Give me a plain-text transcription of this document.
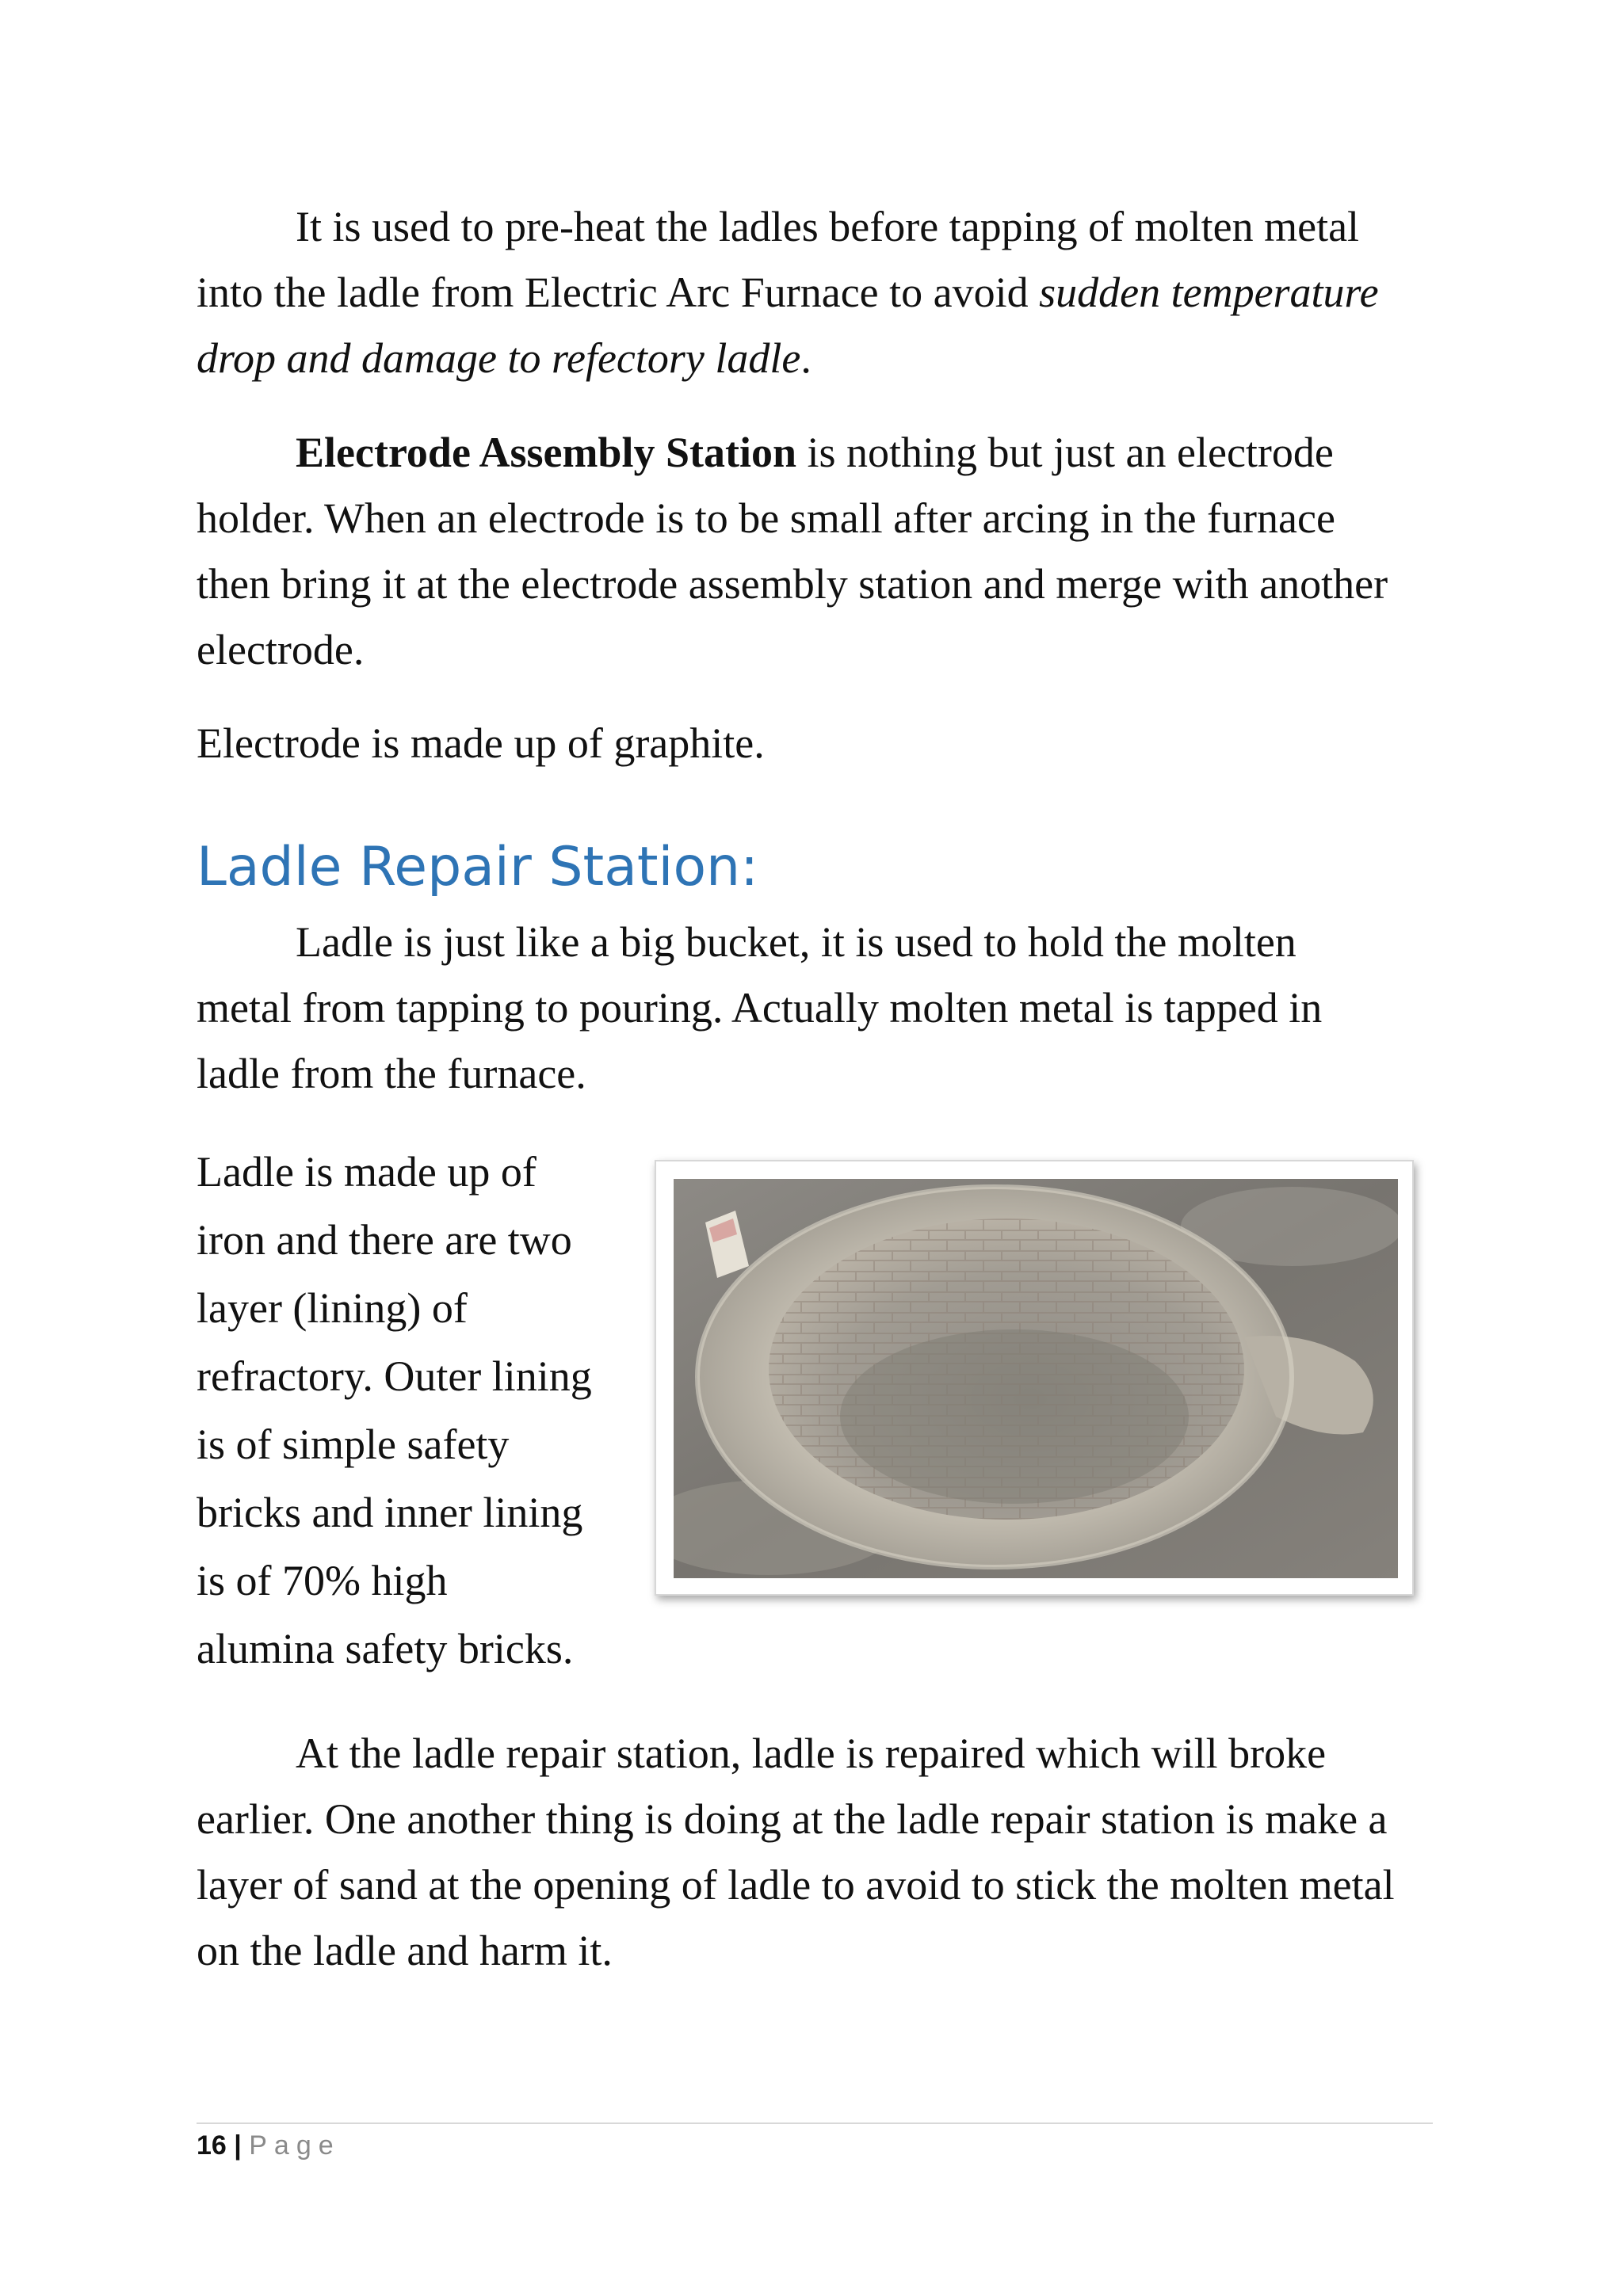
It is used to pre-heat the ladles before tapping of molten metal into the ladle from Electric Arc Furnace to avoid sudden temperature drop and damage to refectory ladle.

Electrode Assembly Station is nothing but just an electrode holder. When an electrode is to be small after arcing in the furnace then bring it at the electrode assembly station and merge with another electrode.

Electrode is made up of graphite.

Ladle Repair Station:

Ladle is just like a big bucket, it is used to hold the molten metal from tapping to pouring. Actually molten metal is tapped in ladle from the furnace.

Ladle is made up of
iron and there are two
layer (lining) of
refractory. Outer lining
is of simple safety
bricks and inner lining
is of 70% high
alumina safety bricks.

At the ladle repair station, ladle is repaired which will broke earlier. One another thing is doing at the ladle repair station is make a layer of sand at the opening of ladle to avoid to stick the molten metal on the ladle and harm it.

16 | Page
